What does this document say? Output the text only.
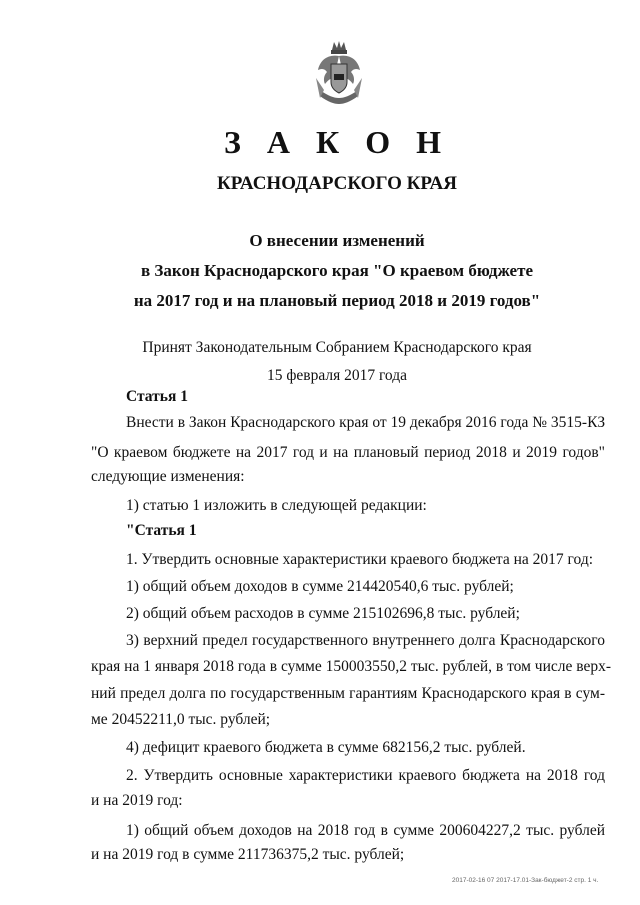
З А К О Н
КРАСНОДАРСКОГО КРАЯ
О внесении изменений
в Закон Краснодарского края "О краевом бюджете
на 2017 год и на плановый период 2018 и 2019 годов"
Принят Законодательным Собранием Краснодарского края
15 февраля 2017 года
Статья 1
Внести в Закон Краснодарского края от 19 декабря 2016 года № 3515-КЗ
"О краевом бюджете на 2017 год и на плановый период 2018 и 2019 годов"
следующие изменения:
1) статью 1 изложить в следующей редакции:
"Статья 1
1. Утвердить основные характеристики краевого бюджета на 2017 год:
1) общий объем доходов в сумме 214420540,6 тыс. рублей;
2) общий объем расходов в сумме 215102696,8 тыс. рублей;
3) верхний предел государственного внутреннего долга Краснодарского
края на 1 января 2018 года в сумме 150003550,2 тыс. рублей, в том числе верх-
ний предел долга по государственным гарантиям Краснодарского края в сум-
ме 20452211,0 тыс. рублей;
4) дефицит краевого бюджета в сумме 682156,2 тыс. рублей.
2. Утвердить основные характеристики краевого бюджета на 2018 год
и на 2019 год:
1) общий объем доходов на 2018 год в сумме 200604227,2 тыс. рублей
и на 2019 год в сумме 211736375,2 тыс. рублей;
2017-02-16 07 2017-17.01-Зак-бюджет-2 стр. 1 ч.
